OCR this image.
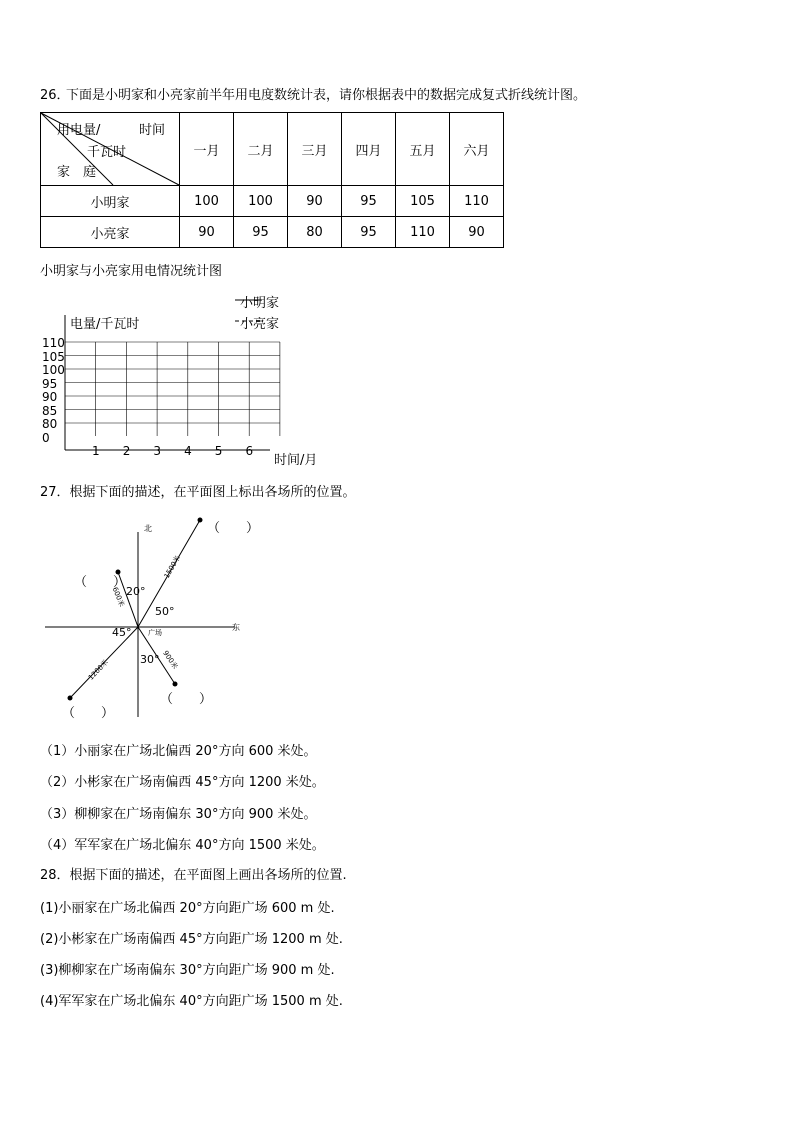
26．
下面是小明家和小亮家前半年用电度数统计表，请你根据表中的数据完成复式折线统计图。
用电量/ 时间
千瓦时
家　庭	一月	二月	三月	四月	五月	六月
小明家	100	100	90	95	105	110
小亮家	90	95	80	95	110	90
小明家与小亮家用电情况统计图
小明家
小亮家
电量/千瓦时
时间/月
110
105
100
95
90
85
80
0
1 2 3 4 5 6
27．根据下面的描述，在平面图上标出各场所的位置。
北
东
20°
50°
45°
30°
广场
600米
1500米
1200米	900米
（　　）
（　　）
（　　）
（　　）
（1）小丽家在广场北偏西 20°方向 600 米处。
（2）小彬家在广场南偏西 45°方向 1200 米处。
（3）柳柳家在广场南偏东 30°方向 900 米处。
（4）军军家在广场北偏东 40°方向 1500 米处。
28．根据下面的描述，在平面图上画出各场所的位置.
(1)小丽家在广场北偏西 20°方向距广场 600 m 处.
(2)小彬家在广场南偏西 45°方向距广场 1200 m 处.
(3)柳柳家在广场南偏东 30°方向距广场 900 m 处.
(4)军军家在广场北偏东 40°方向距广场 1500 m 处.
